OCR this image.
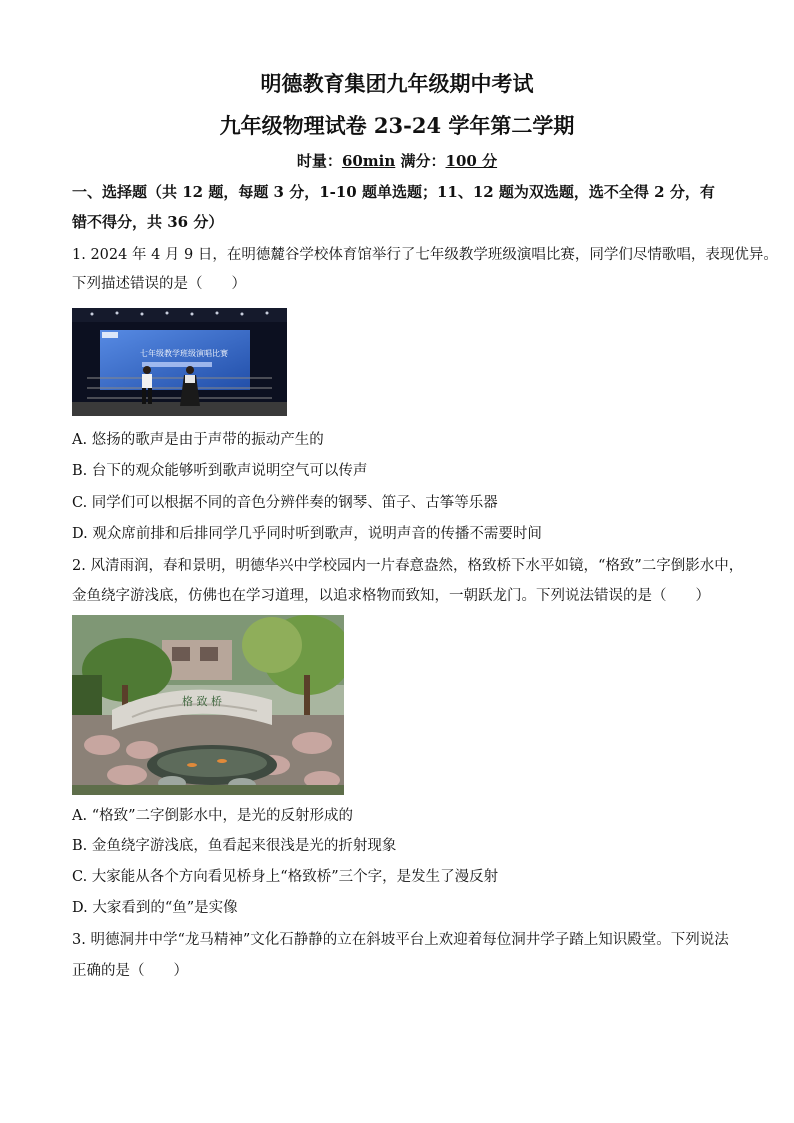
明德教育集团九年级期中考试
九年级物理试卷 23-24 学年第二学期
时量：60min 满分：100 分
一、选择题（共 12 题，每题 3 分，1-10 题单选题；11、12 题为双选题，选不全得 2 分，有
错不得分，共 36 分）
1. 2024 年 4 月 9 日，在明德麓谷学校体育馆举行了七年级教学班级演唱比赛，同学们尽情歌唱，表现优异。
下列描述错误的是（　　）
七年级教学班级演唱比赛
A. 悠扬的歌声是由于声带的振动产生的
B. 台下的观众能够听到歌声说明空气可以传声
C. 同学们可以根据不同的音色分辨伴奏的钢琴、笛子、古筝等乐器
D. 观众席前排和后排同学几乎同时听到歌声，说明声音的传播不需要时间
2. 风清雨润，春和景明，明德华兴中学校园内一片春意盎然，格致桥下水平如镜，“格致”二字倒影水中，
金鱼绕字游浅底，仿佛也在学习道理，以追求格物而致知，一朝跃龙门。下列说法错误的是（　　）
格 致 桥
A. “格致”二字倒影水中，是光的反射形成的
B. 金鱼绕字游浅底，鱼看起来很浅是光的折射现象
C. 大家能从各个方向看见桥身上“格致桥”三个字，是发生了漫反射
D. 大家看到的“鱼”是实像
3. 明德洞井中学“龙马精神”文化石静静的立在斜坡平台上欢迎着每位洞井学子踏上知识殿堂。下列说法
正确的是（　　）
